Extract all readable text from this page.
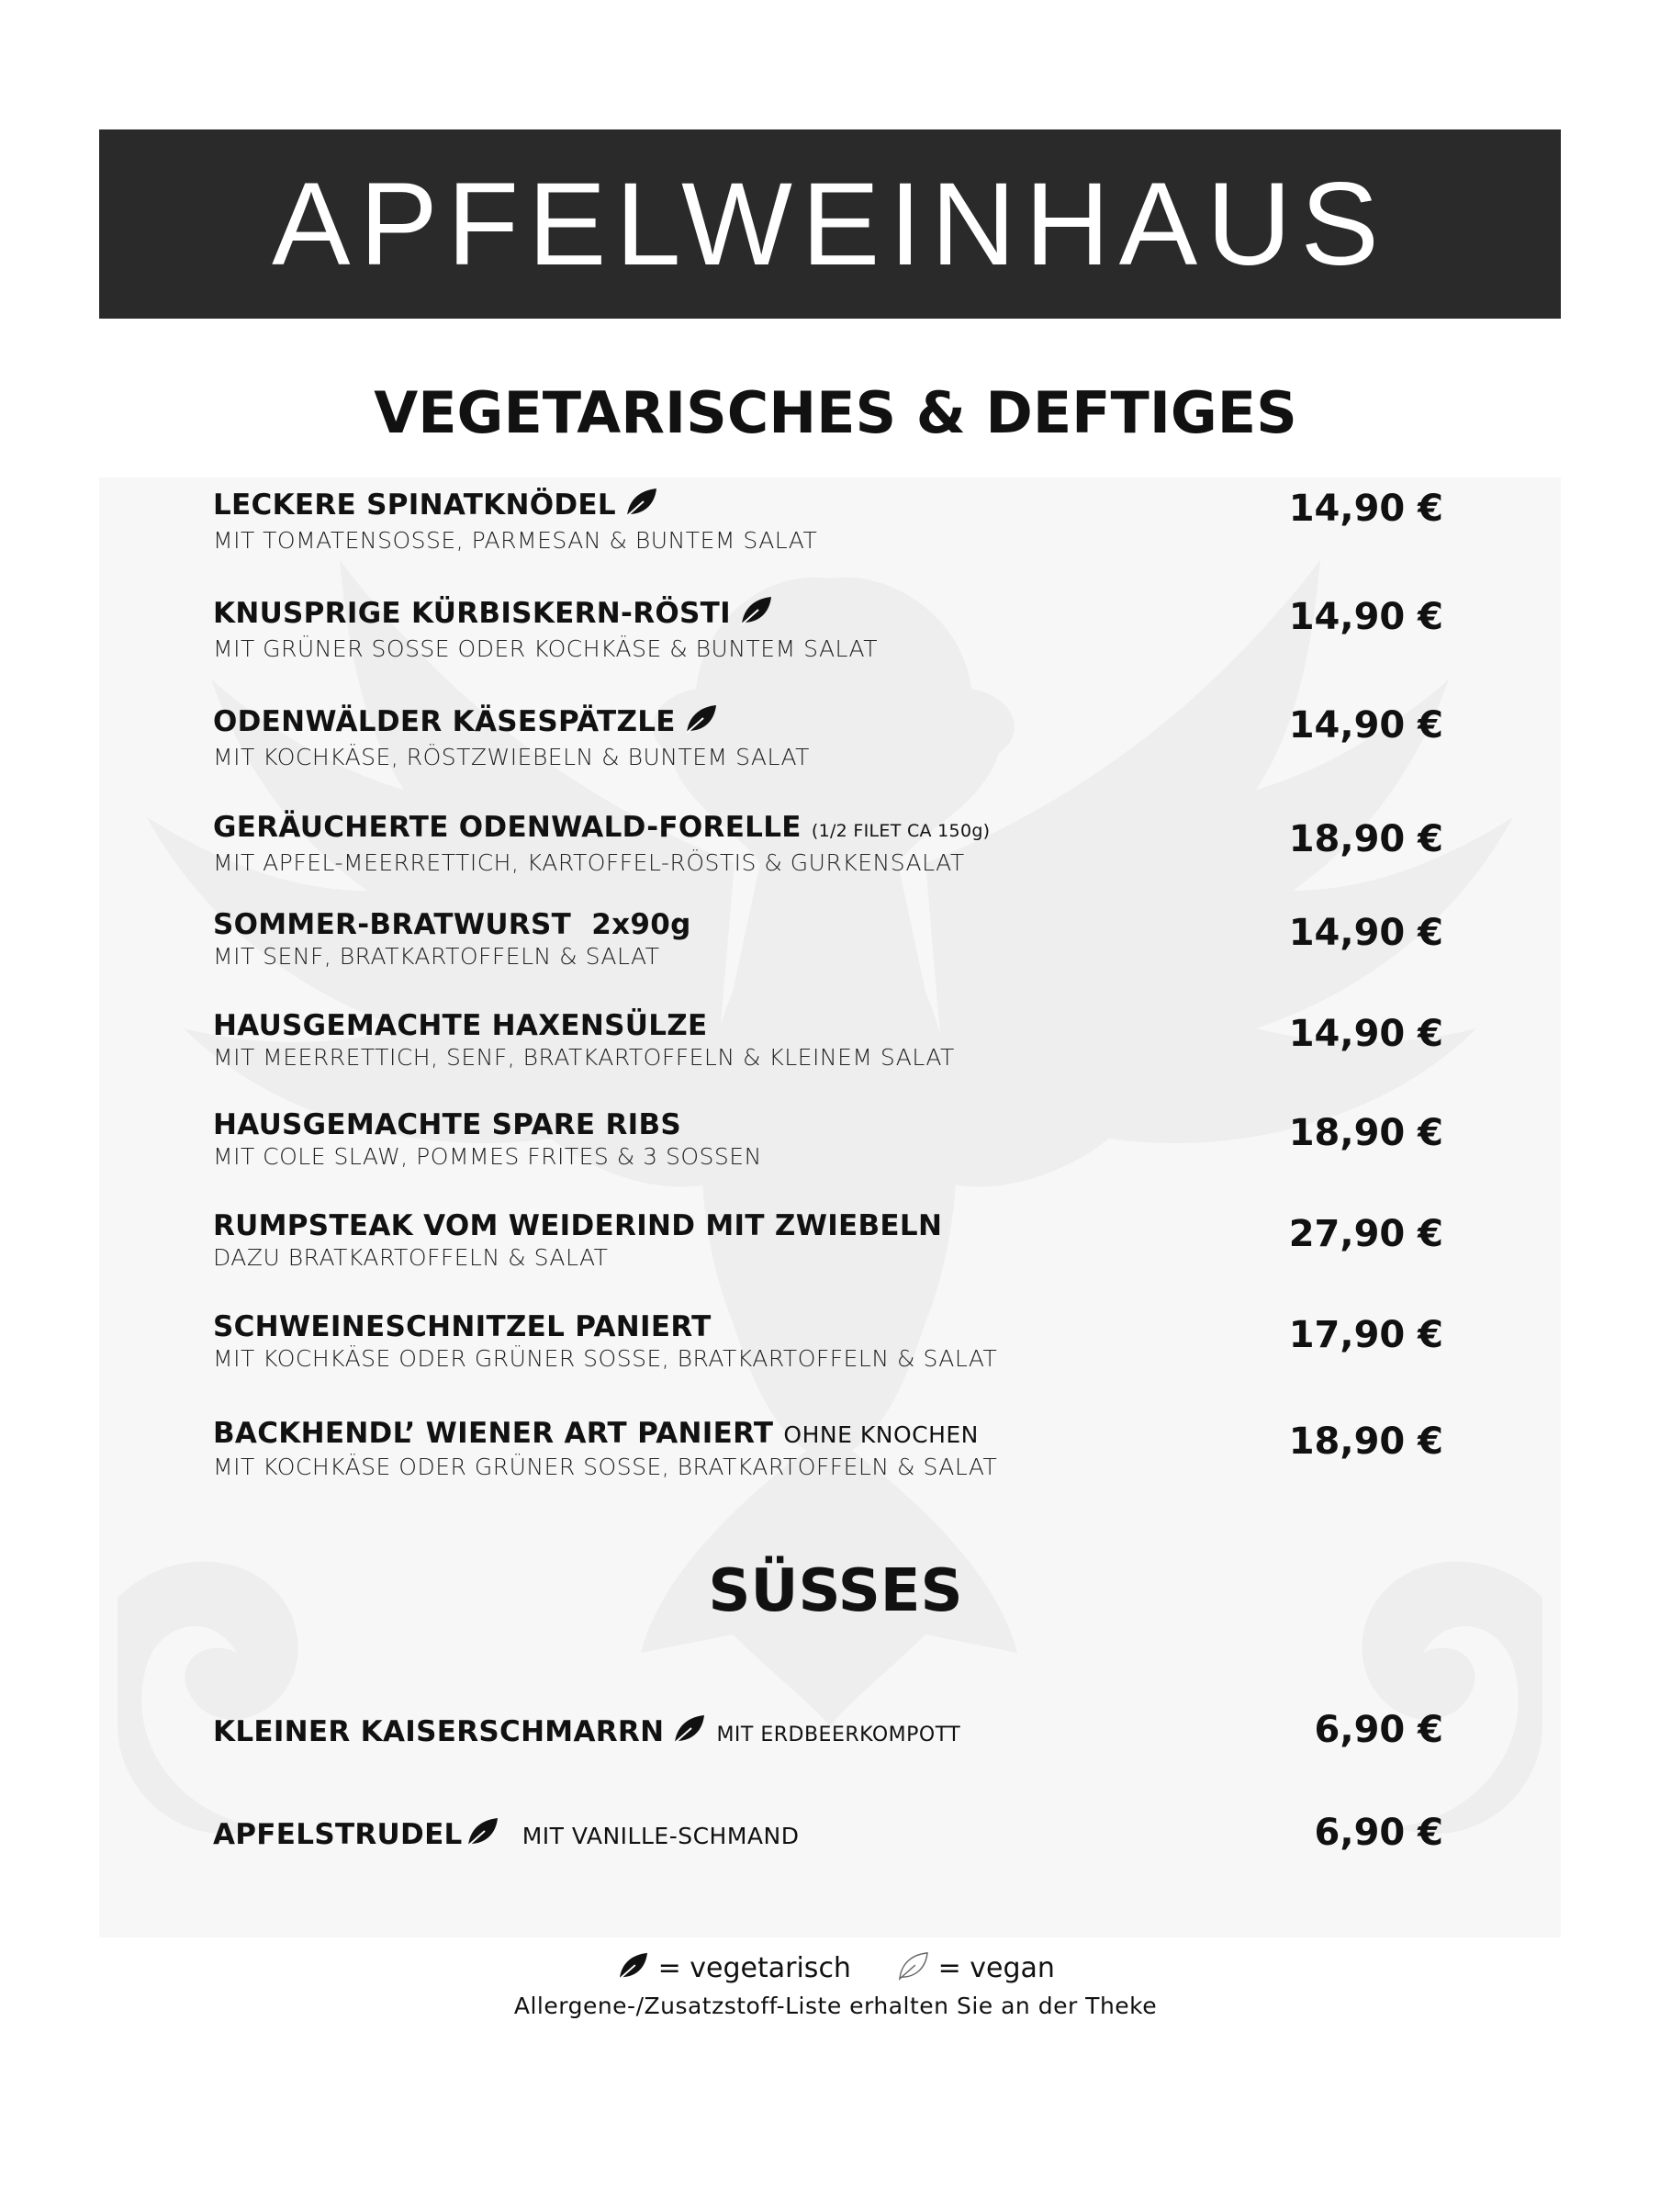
APFELWEINHAUS
VEGETARISCHES & DEFTIGES
LECKERE SPINATKNÖDEL
MIT TOMATENSOSSE, PARMESAN & BUNTEM SALAT
14,90 €
KNUSPRIGE KÜRBISKERN-RÖSTI
MIT GRÜNER SOSSE ODER KOCHKÄSE & BUNTEM SALAT
14,90 €
ODENWÄLDER KÄSESPÄTZLE
MIT KOCHKÄSE, RÖSTZWIEBELN & BUNTEM SALAT
14,90 €
GERÄUCHERTE ODENWALD-FORELLE (1/2 FILET CA 150g)
MIT APFEL-MEERRETTICH, KARTOFFEL-RÖSTIS & GURKENSALAT
18,90 €
SOMMER-BRATWURST  2x90g
MIT SENF, BRATKARTOFFELN & SALAT
14,90 €
HAUSGEMACHTE HAXENSÜLZE
MIT MEERRETTICH, SENF, BRATKARTOFFELN & KLEINEM SALAT
14,90 €
HAUSGEMACHTE SPARE RIBS
MIT COLE SLAW, POMMES FRITES & 3 SOSSEN
18,90 €
RUMPSTEAK VOM WEIDERIND MIT ZWIEBELN
DAZU BRATKARTOFFELN & SALAT
27,90 €
SCHWEINESCHNITZEL PANIERT
MIT KOCHKÄSE ODER GRÜNER SOSSE, BRATKARTOFFELN & SALAT
17,90 €
BACKHENDL’ WIENER ART PANIERT OHNE KNOCHEN
MIT KOCHKÄSE ODER GRÜNER SOSSE, BRATKARTOFFELN & SALAT
18,90 €
SÜSSES
KLEINER KAISERSCHMARRN	MIT ERDBEERKOMPOTT	6,90 €
APFELSTRUDEL	MIT VANILLE-SCHMAND	6,90 €
= vegetarisch	= vegan
Allergene-/Zusatzstoff-Liste erhalten Sie an der Theke
